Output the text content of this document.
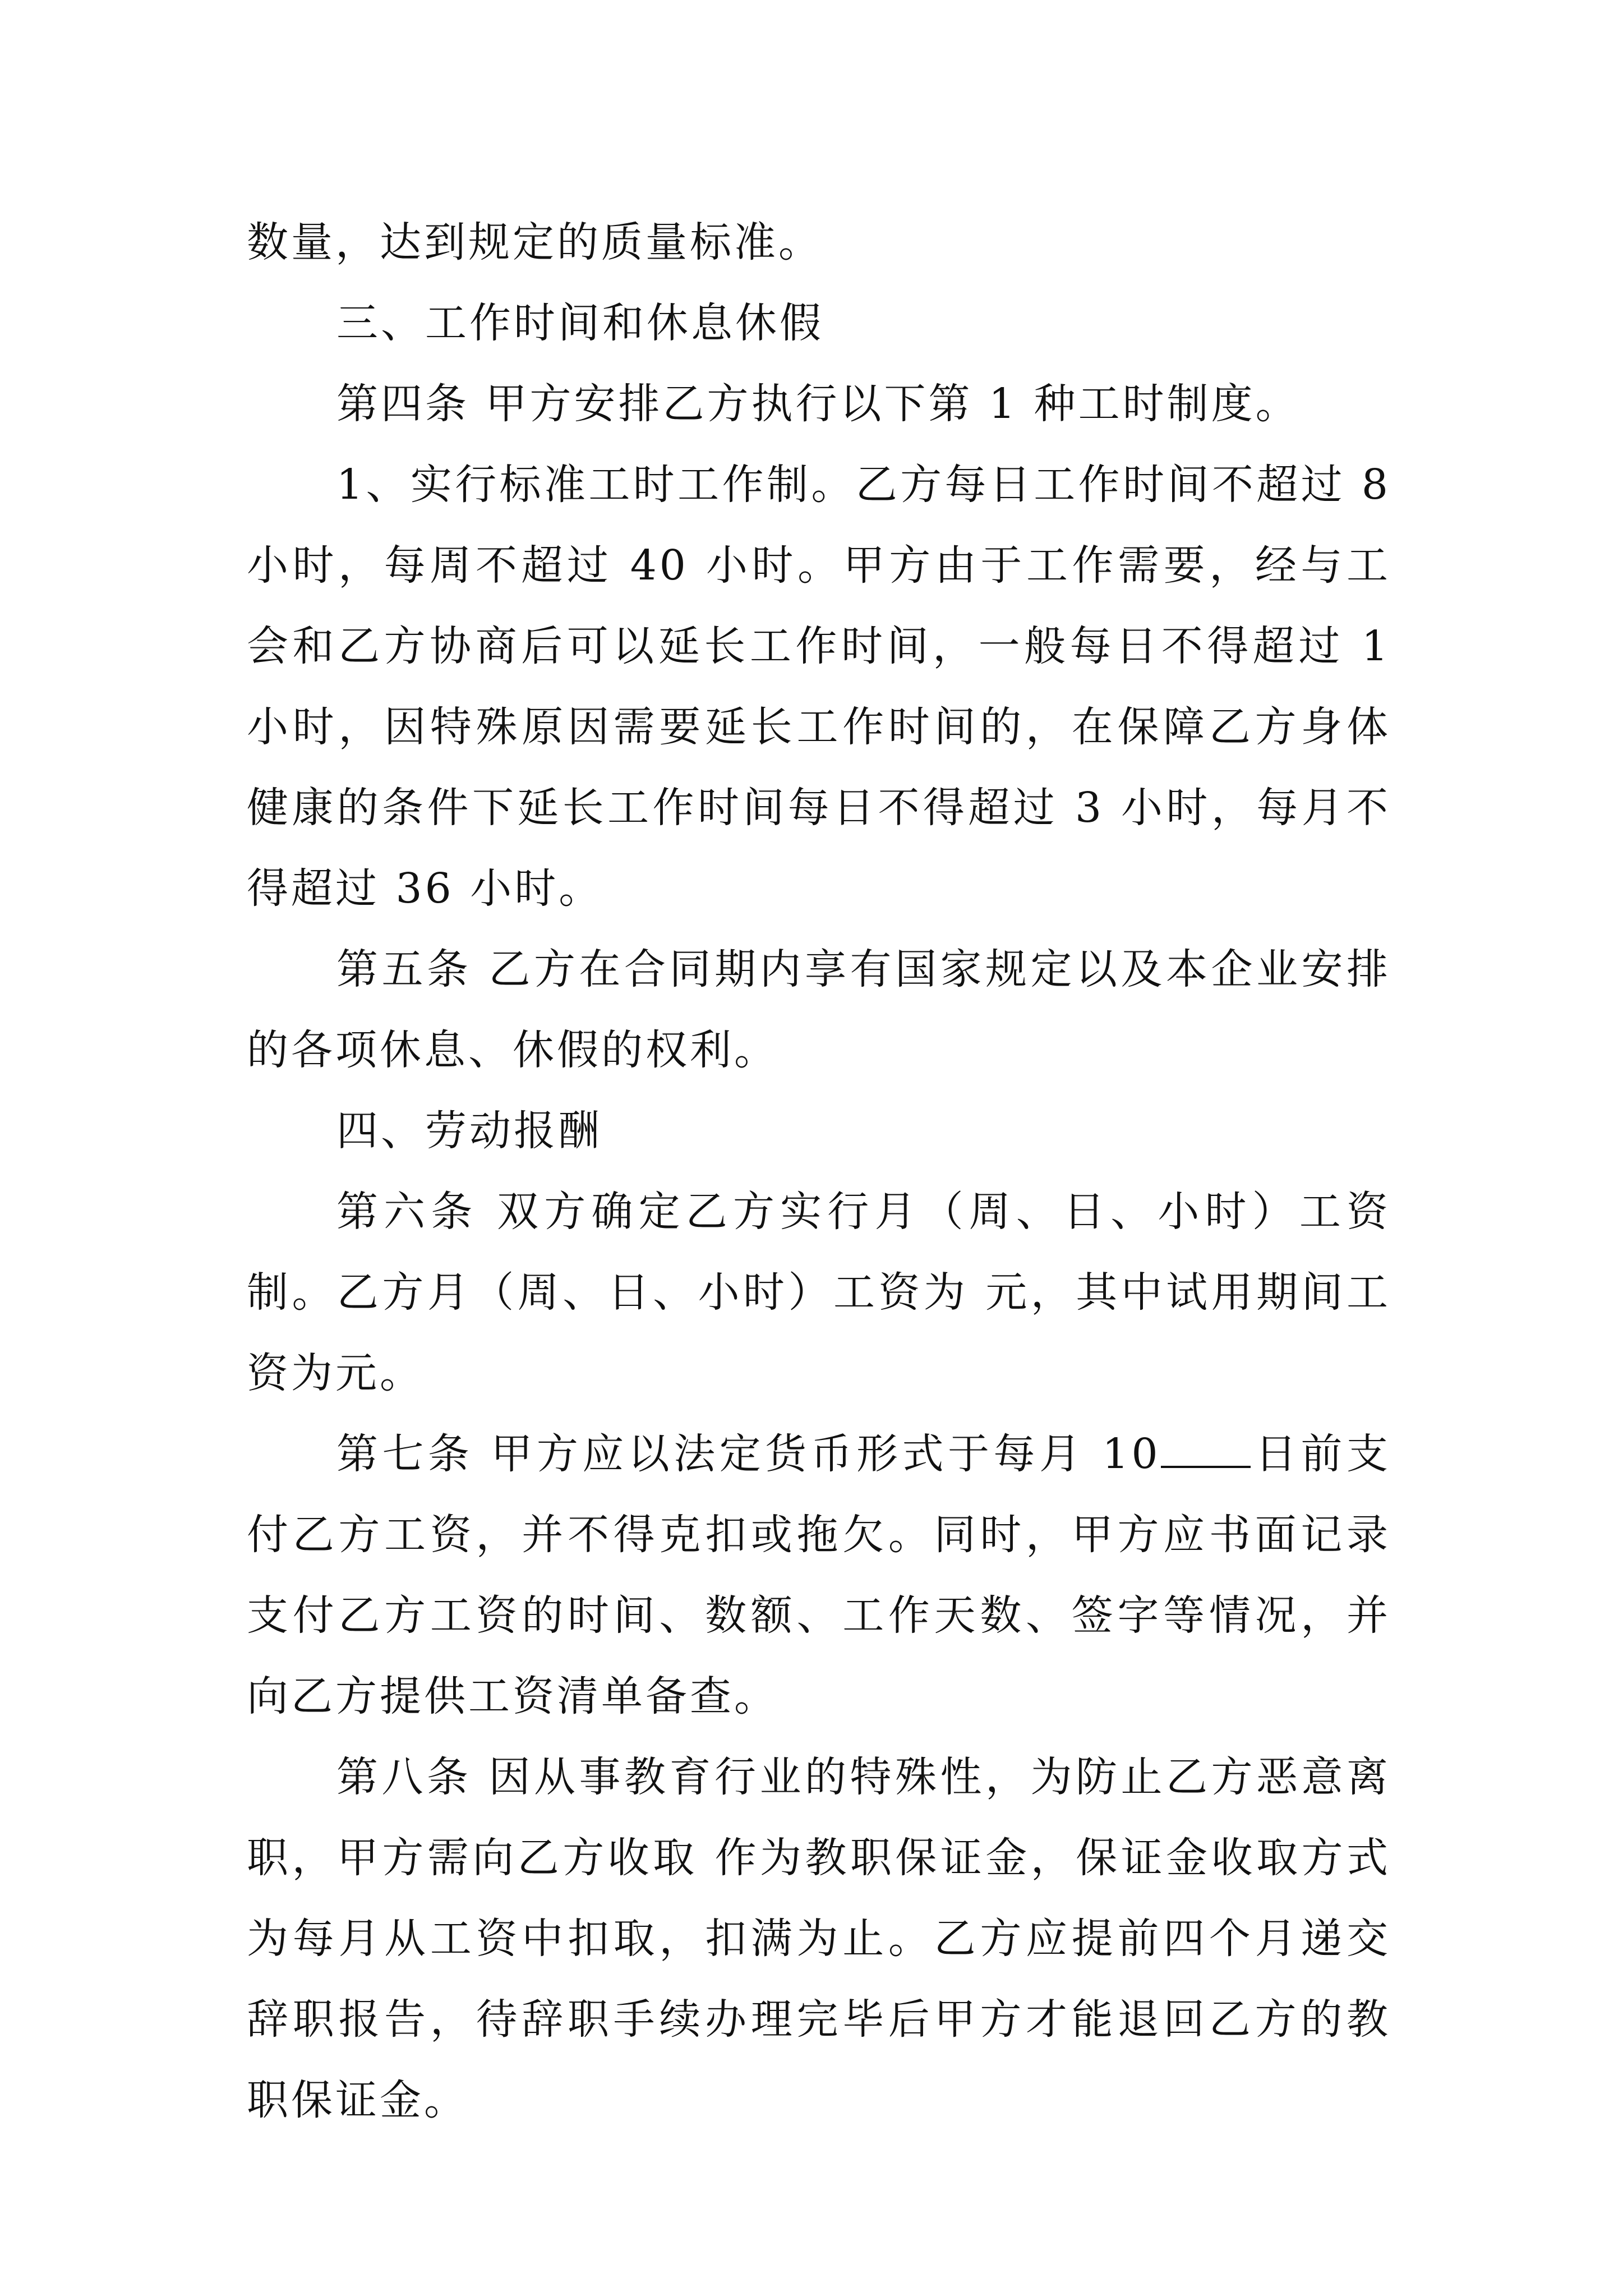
数量，达到规定的质量标准。

三、工作时间和休息休假

第四条 甲方安排乙方执行以下第 1 种工时制度。

1、实行标准工时工作制。乙方每日工作时间不超过 8 小时，每周不超过 40 小时。甲方由于工作需要，经与工会和乙方协商后可以延长工作时间，一般每日不得超过 1 小时，因特殊原因需要延长工作时间的，在保障乙方身体健康的条件下延长工作时间每日不得超过 3 小时，每月不得超过 36 小时。

第五条 乙方在合同期内享有国家规定以及本企业安排的各项休息、休假的权利。

四、劳动报酬

第六条 双方确定乙方实行月（周、日、小时）工资制。乙方月（周、日、小时）工资为 元，其中试用期间工资为元。

第七条 甲方应以法定货币形式于每月 10 日前支付乙方工资，并不得克扣或拖欠。同时，甲方应书面记录支付乙方工资的时间、数额、工作天数、签字等情况，并向乙方提供工资清单备查。

第八条 因从事教育行业的特殊性，为防止乙方恶意离职，甲方需向乙方收取 作为教职保证金，保证金收取方式为每月从工资中扣取，扣满为止。乙方应提前四个月递交辞职报告，待辞职手续办理完毕后甲方才能退回乙方的教职保证金。
